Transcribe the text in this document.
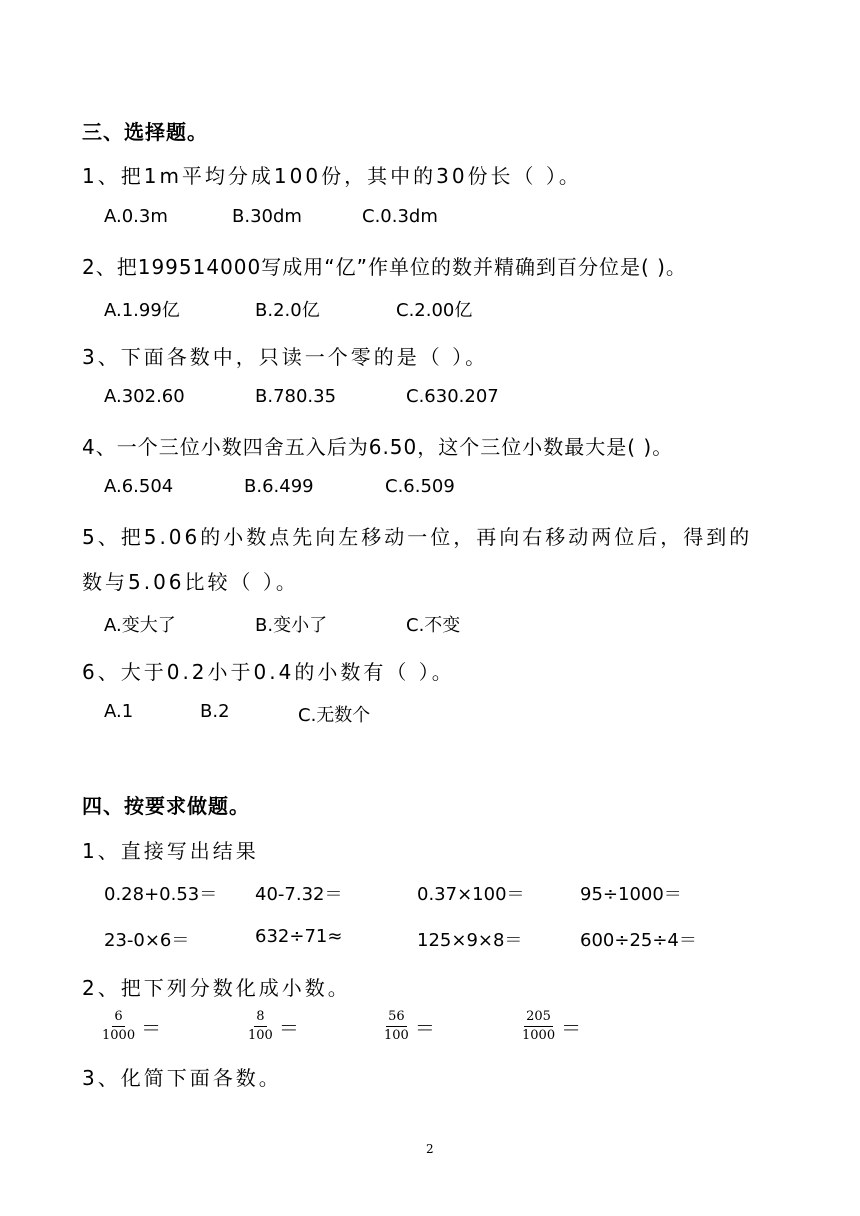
三、选择题。
1、把1m平均分成100份，其中的30份长（ ）。
A.0.3m	B.30dm	C.0.3dm
2、把199514000写成用“亿”作单位的数并精确到百分位是( )。
A.1.99亿	B.2.0亿	C.2.00亿
3、下面各数中，只读一个零的是（ ）。
A.302.60	B.780.35	C.630.207
4、一个三位小数四舍五入后为6.50，这个三位小数最大是( )。
A.6.504	B.6.499	C.6.509
5、把5.06的小数点先向左移动一位，再向右移动两位后，得到的
数与5.06比较（ ）。
A.变大了	B.变小了	C.不变
6、大于0.2小于0.4的小数有（ ）。
A.1	B.2	C.无数个
四、按要求做题。
1、直接写出结果
0.28+0.53＝ 40-7.32＝	0.37×100＝	95÷1000＝
23-0×6＝	632÷71≈	125×9×8＝	600÷25÷4＝
2、把下列分数化成小数。
$\frac{6}{1000}$ ＝	$\frac{8}{100}$ ＝	$\frac{56}{100}$ ＝	$\frac{205}{1000}$ ＝
3、化简下面各数。
2
